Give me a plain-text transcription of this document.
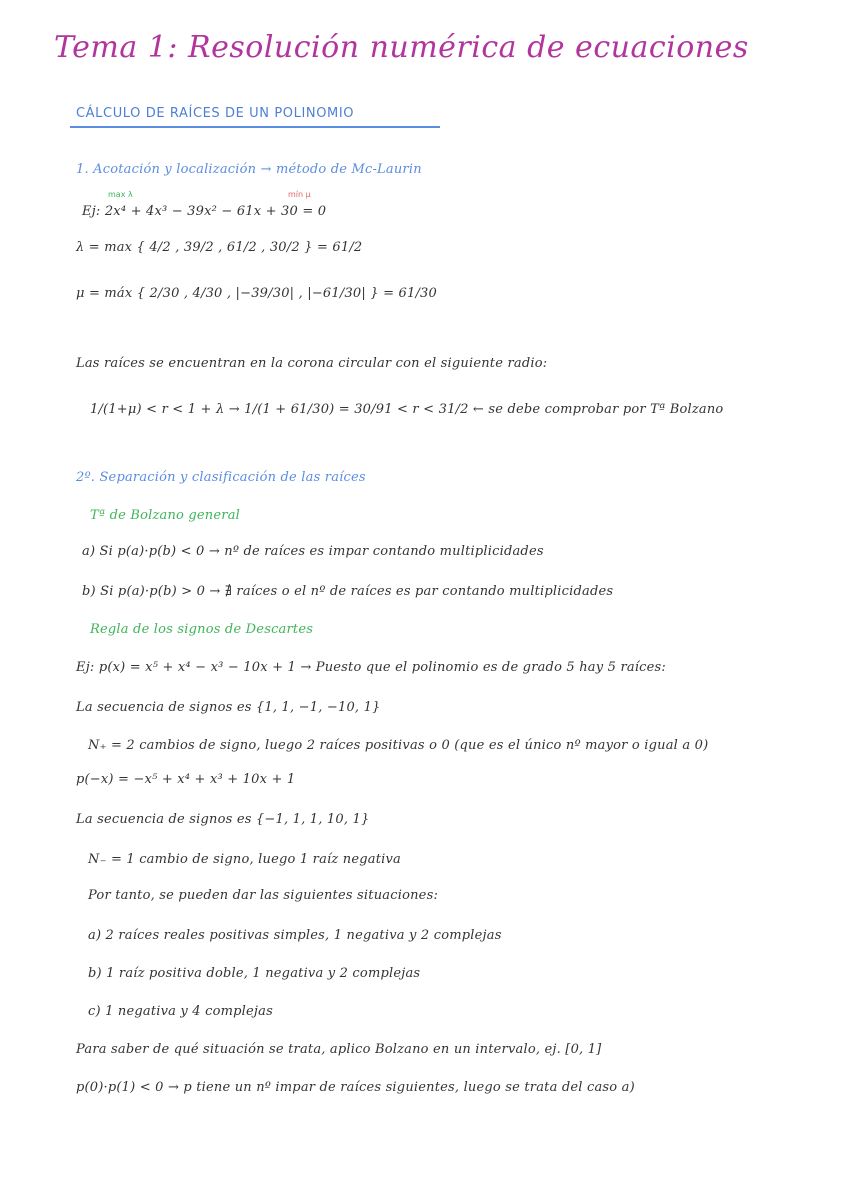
Tema 1: Resolución numérica de ecuaciones
CÁLCULO DE RAÍCES DE UN POLINOMIO
1. Acotación y localización → método de Mc-Laurin
max λ	mín μ
Ej: 2x⁴ + 4x³ − 39x² − 61x + 30 = 0
λ = max { 4/2 , 39/2 , 61/2 , 30/2 } = 61/2
μ = máx { 2/30 , 4/30 , |−39/30| , |−61/30| } = 61/30
Las raíces se encuentran en la corona circular con el siguiente radio:
1/(1+μ) < r < 1 + λ → 1/(1 + 61/30) = 30/91 < r < 31/2 ← se debe comprobar por Tª Bolzano
2º. Separación y clasificación de las raíces
Tª de Bolzano general
a) Si p(a)·p(b) < 0 → nº de raíces es impar contando multiplicidades
b) Si p(a)·p(b) > 0 → ∄ raíces o el nº de raíces es par contando multiplicidades
Regla de los signos de Descartes
Ej: p(x) = x⁵ + x⁴ − x³ − 10x + 1 → Puesto que el polinomio es de grado 5 hay 5 raíces:
La secuencia de signos es {1, 1, −1, −10, 1}
N₊ = 2 cambios de signo, luego 2 raíces positivas o 0 (que es el único nº mayor o igual a 0)
p(−x) = −x⁵ + x⁴ + x³ + 10x + 1
La secuencia de signos es {−1, 1, 1, 10, 1}
N₋ = 1 cambio de signo, luego 1 raíz negativa
Por tanto, se pueden dar las siguientes situaciones:
a) 2 raíces reales positivas simples, 1 negativa y 2 complejas
b) 1 raíz positiva doble, 1 negativa y 2 complejas
c) 1 negativa y 4 complejas
Para saber de qué situación se trata, aplico Bolzano en un intervalo, ej. [0, 1]
p(0)·p(1) < 0 → p tiene un nº impar de raíces siguientes, luego se trata del caso a)
